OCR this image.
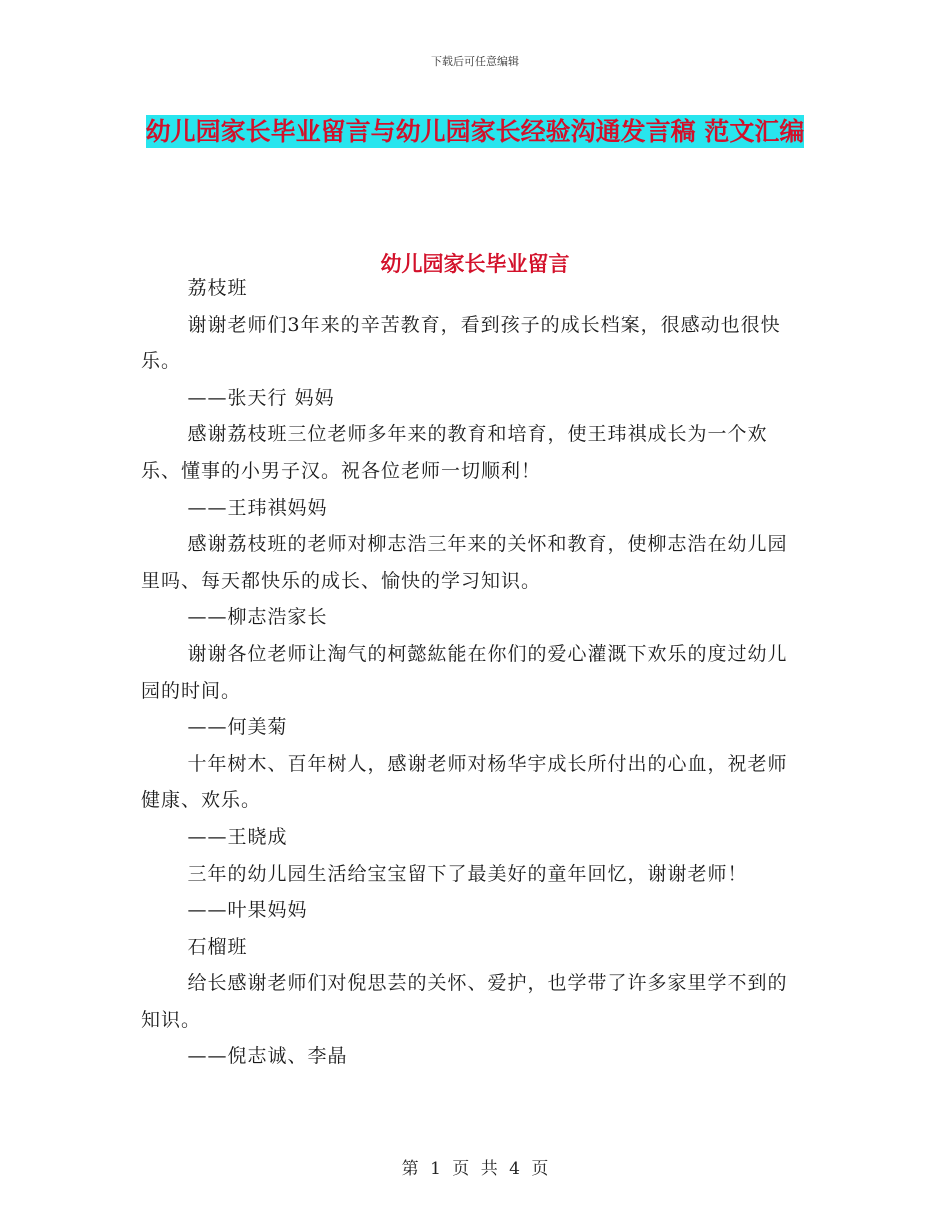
下载后可任意编辑
幼儿园家长毕业留言与幼儿园家长经验沟通发言稿 范文汇编
幼儿园家长毕业留言

荔枝班

谢谢老师们3年来的辛苦教育，看到孩子的成长档案，很感动也很快乐。

——张天行 妈妈

感谢荔枝班三位老师多年来的教育和培育，使王玮祺成长为一个欢乐、懂事的小男子汉。祝各位老师一切顺利！

——王玮祺妈妈

感谢荔枝班的老师对柳志浩三年来的关怀和教育，使柳志浩在幼儿园里吗、每天都快乐的成长、愉快的学习知识。

——柳志浩家长

谢谢各位老师让淘气的柯懿紘能在你们的爱心灌溉下欢乐的度过幼儿园的时间。

——何美菊

十年树木、百年树人，感谢老师对杨华宇成长所付出的心血，祝老师健康、欢乐。

——王晓成

三年的幼儿园生活给宝宝留下了最美好的童年回忆，谢谢老师！

——叶果妈妈

石榴班

给长感谢老师们对倪思芸的关怀、爱护，也学带了许多家里学不到的知识。

——倪志诚、李晶

第 1 页 共 4 页
